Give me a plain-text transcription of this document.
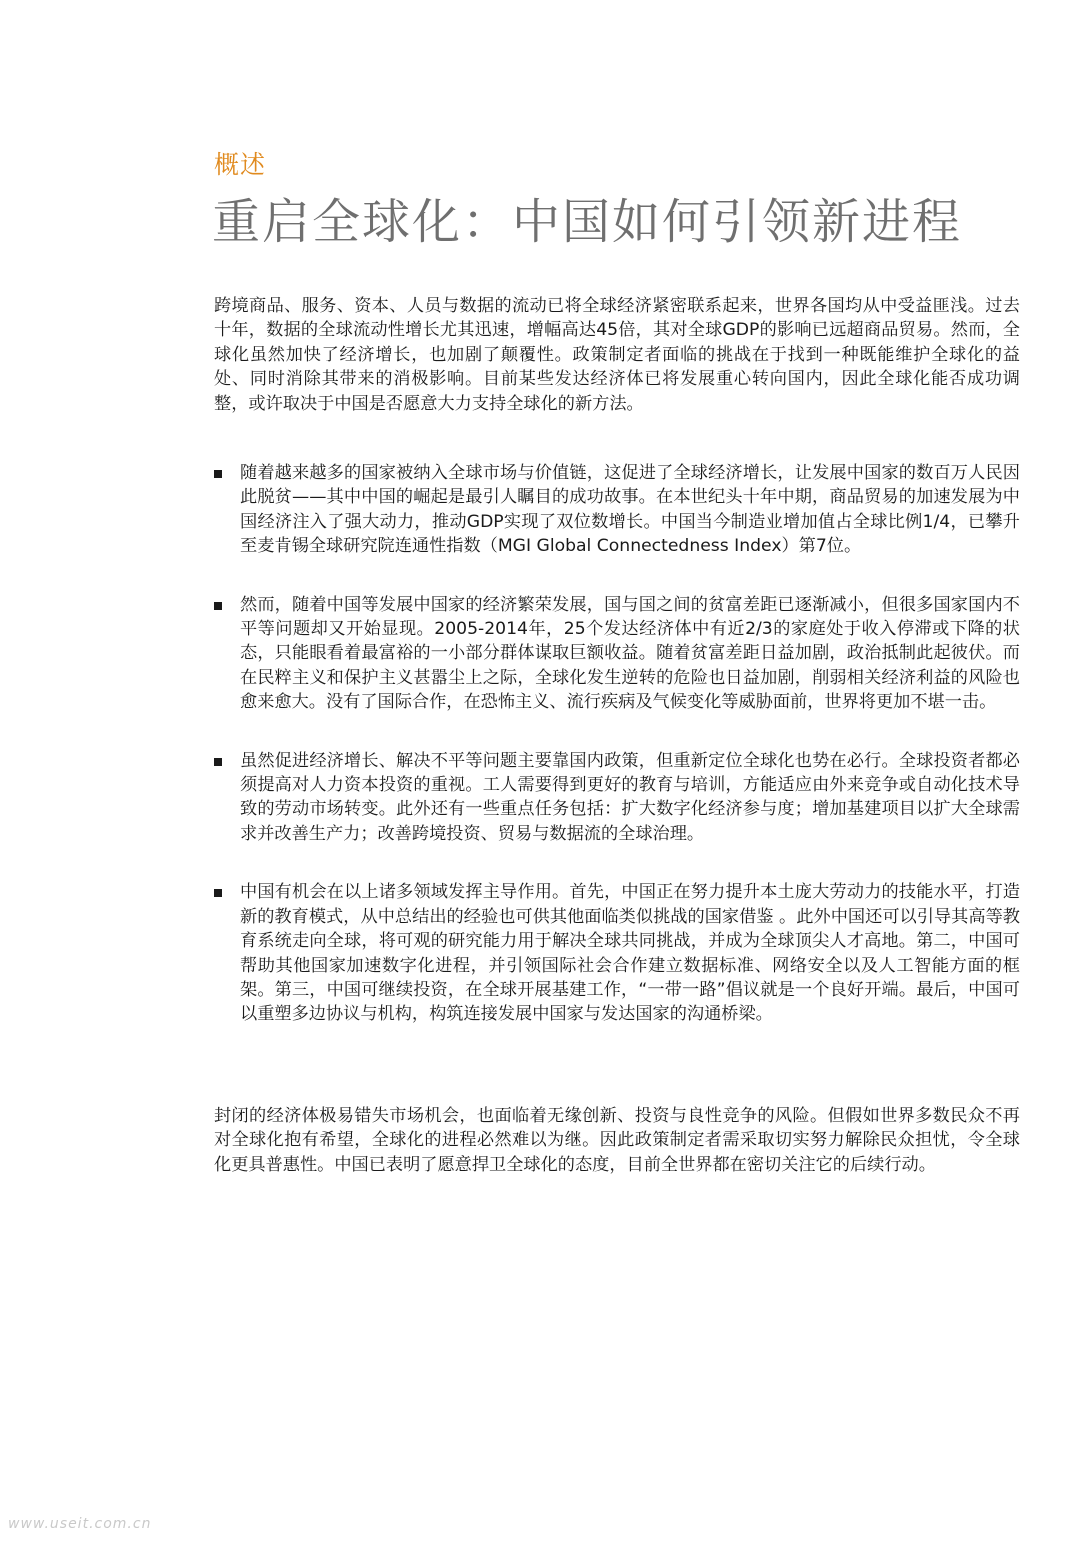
概述
重启全球化：中国如何引领新进程

跨境商品、服务、资本、人员与数据的流动已将全球经济紧密联系起来，世界各国均从中受益匪浅。过去十年，数据的全球流动性增长尤其迅速，增幅高达45倍，其对全球GDP的影响已远超商品贸易。然而，全球化虽然加快了经济增长，也加剧了颠覆性。政策制定者面临的挑战在于找到一种既能维护全球化的益处、同时消除其带来的消极影响。目前某些发达经济体已将发展重心转向国内，因此全球化能否成功调整，或许取决于中国是否愿意大力支持全球化的新方法。

随着越来越多的国家被纳入全球市场与价值链，这促进了全球经济增长，让发展中国家的数百万人民因此脱贫——其中中国的崛起是最引人瞩目的成功故事。在本世纪头十年中期，商品贸易的加速发展为中国经济注入了强大动力，推动GDP实现了双位数增长。中国当今制造业增加值占全球比例1/4，已攀升至麦肯锡全球研究院连通性指数（MGI Global Connectedness Index）第7位。
然而，随着中国等发展中国家的经济繁荣发展，国与国之间的贫富差距已逐渐减小，但很多国家国内不平等问题却又开始显现。2005-2014年，25个发达经济体中有近2/3的家庭处于收入停滞或下降的状态，只能眼看着最富裕的一小部分群体谋取巨额收益。随着贫富差距日益加剧，政治抵制此起彼伏。而在民粹主义和保护主义甚嚣尘上之际，全球化发生逆转的危险也日益加剧，削弱相关经济利益的风险也愈来愈大。没有了国际合作，在恐怖主义、流行疾病及气候变化等威胁面前，世界将更加不堪一击。
虽然促进经济增长、解决不平等问题主要靠国内政策，但重新定位全球化也势在必行。全球投资者都必须提高对人力资本投资的重视。工人需要得到更好的教育与培训，方能适应由外来竞争或自动化技术导致的劳动市场转变。此外还有一些重点任务包括：扩大数字化经济参与度；增加基建项目以扩大全球需求并改善生产力；改善跨境投资、贸易与数据流的全球治理。
中国有机会在以上诸多领域发挥主导作用。首先，中国正在努力提升本土庞大劳动力的技能水平，打造新的教育模式，从中总结出的经验也可供其他面临类似挑战的国家借鉴 。此外中国还可以引导其高等教育系统走向全球，将可观的研究能力用于解决全球共同挑战，并成为全球顶尖人才高地。第二，中国可帮助其他国家加速数字化进程，并引领国际社会合作建立数据标准、网络安全以及人工智能方面的框架。第三，中国可继续投资，在全球开展基建工作，“一带一路”倡议就是一个良好开端。最后，中国可以重塑多边协议与机构，构筑连接发展中国家与发达国家的沟通桥梁。

封闭的经济体极易错失市场机会，也面临着无缘创新、投资与良性竞争的风险。但假如世界多数民众不再对全球化抱有希望，全球化的进程必然难以为继。因此政策制定者需采取切实努力解除民众担忧，令全球化更具普惠性。中国已表明了愿意捍卫全球化的态度，目前全世界都在密切关注它的后续行动。

www.useit.com.cn
